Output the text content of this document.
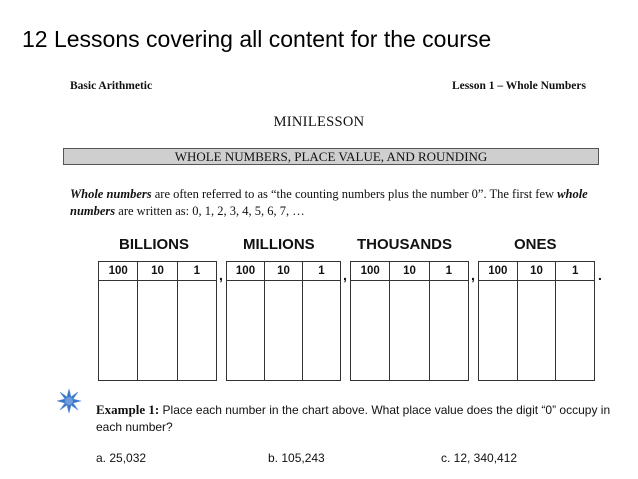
12 Lessons covering all content for the course
Basic Arithmetic	Lesson 1 – Whole Numbers
MINILESSON
WHOLE NUMBERS, PLACE VALUE, AND ROUNDING
Whole numbers are often referred to as “the counting numbers plus the number 0”. The first few whole numbers are written as: 0, 1, 2, 3, 4, 5, 6, 7, …
BILLIONS	MILLIONS	THOUSANDS	ONES
100	10	1	,	100	10	1	,	100	10	1	,	100	10	1	.
Example 1: Place each number in the chart above. What place value does the digit “0” occupy in each number?
a. 25,032	b. 105,243	c. 12, 340,412
